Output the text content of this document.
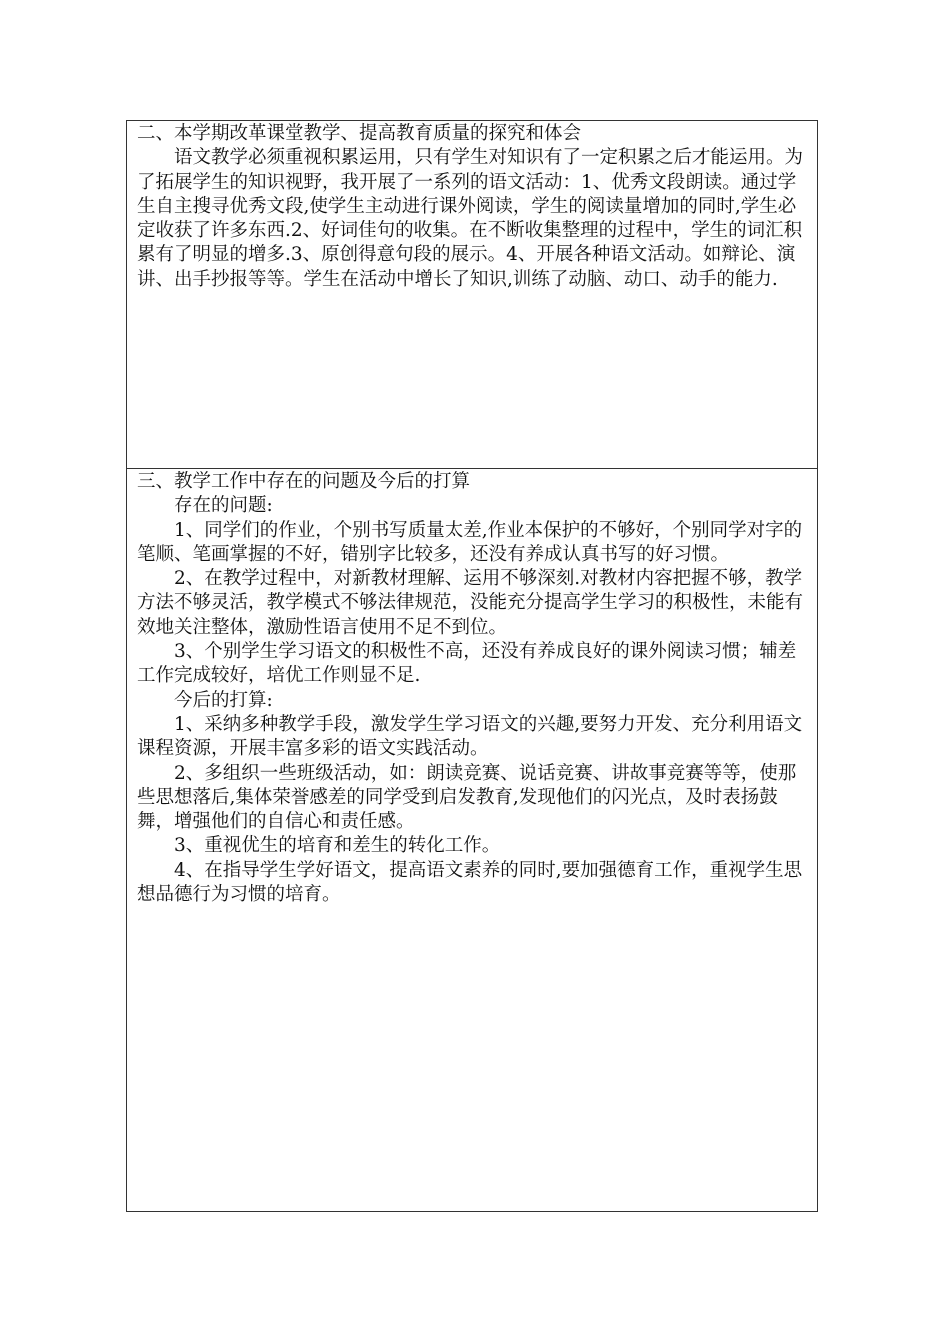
二、本学期改革课堂教学、提高教育质量的探究和体会

语文教学必须重视积累运用，只有学生对知识有了一定积累之后才能运用。为了拓展学生的知识视野，我开展了一系列的语文活动：1、优秀文段朗读。通过学生自主搜寻优秀文段,使学生主动进行课外阅读，学生的阅读量增加的同时,学生必定收获了许多东西.2、好词佳句的收集。在不断收集整理的过程中，学生的词汇积累有了明显的增多.3、原创得意句段的展示。4、开展各种语文活动。如辩论、演讲、出手抄报等等。学生在活动中增长了知识,训练了动脑、动口、动手的能力.

三、教学工作中存在的问题及今后的打算

存在的问题:

1、同学们的作业，个别书写质量太差,作业本保护的不够好，个别同学对字的笔顺、笔画掌握的不好，错别字比较多，还没有养成认真书写的好习惯。

2、在教学过程中，对新教材理解、运用不够深刻.对教材内容把握不够，教学方法不够灵活，教学模式不够法律规范，没能充分提高学生学习的积极性，未能有效地关注整体，激励性语言使用不足不到位。

3、个别学生学习语文的积极性不高，还没有养成良好的课外阅读习惯；辅差工作完成较好，培优工作则显不足.

今后的打算:

1、采纳多种教学手段，激发学生学习语文的兴趣,要努力开发、充分利用语文课程资源，开展丰富多彩的语文实践活动。

2、多组织一些班级活动，如：朗读竞赛、说话竞赛、讲故事竞赛等等，使那些思想落后,集体荣誉感差的同学受到启发教育,发现他们的闪光点，及时表扬鼓舞，增强他们的自信心和责任感。

3、重视优生的培育和差生的转化工作。

4、在指导学生学好语文，提高语文素养的同时,要加强德育工作，重视学生思想品德行为习惯的培育。
